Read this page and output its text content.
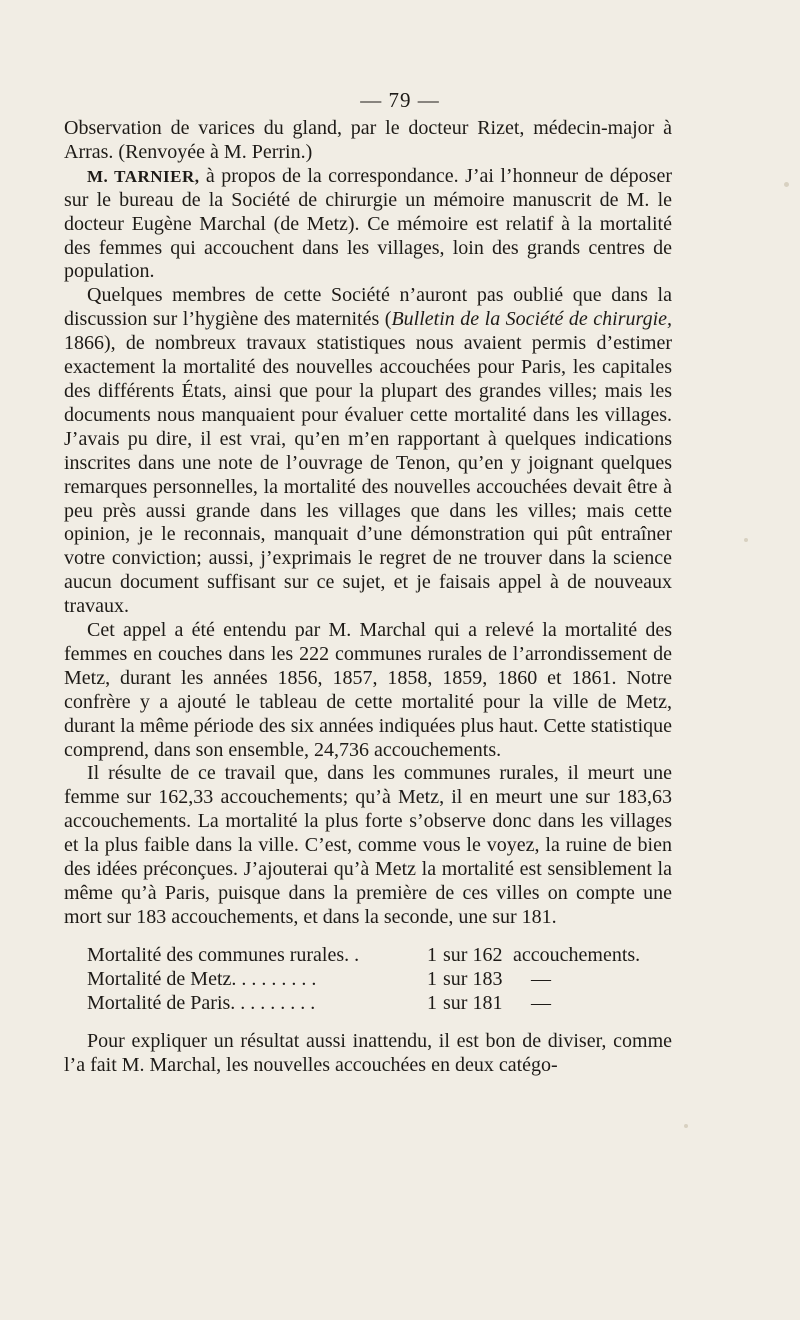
— 79 —

Observation de varices du gland, par le docteur Rizet, médecin-major à Arras. (Renvoyée à M. Perrin.)

M. TARNIER, à propos de la correspondance. J’ai l’honneur de déposer sur le bureau de la Société de chirurgie un mémoire manuscrit de M. le docteur Eugène Marchal (de Metz). Ce mémoire est relatif à la mortalité des femmes qui accouchent dans les villages, loin des grands centres de population.

Quelques membres de cette Société n’auront pas oublié que dans la discussion sur l’hygiène des maternités (Bulletin de la Société de chirurgie, 1866), de nombreux travaux statistiques nous avaient permis d’estimer exactement la mortalité des nouvelles accouchées pour Paris, les capitales des différents États, ainsi que pour la plupart des grandes villes; mais les documents nous manquaient pour évaluer cette mortalité dans les villages. J’avais pu dire, il est vrai, qu’en m’en rapportant à quelques indications inscrites dans une note de l’ouvrage de Tenon, qu’en y joignant quelques remarques personnelles, la mortalité des nouvelles accouchées devait être à peu près aussi grande dans les villages que dans les villes; mais cette opinion, je le reconnais, manquait d’une démonstration qui pût entraîner votre conviction; aussi, j’exprimais le regret de ne trouver dans la science aucun document suffisant sur ce sujet, et je faisais appel à de nouveaux travaux.

Cet appel a été entendu par M. Marchal qui a relevé la mortalité des femmes en couches dans les 222 communes rurales de l’arrondissement de Metz, durant les années 1856, 1857, 1858, 1859, 1860 et 1861. Notre confrère y a ajouté le tableau de cette mortalité pour la ville de Metz, durant la même période des six années indiquées plus haut. Cette statistique comprend, dans son ensemble, 24,736 accouchements.

Il résulte de ce travail que, dans les communes rurales, il meurt une femme sur 162,33 accouchements; qu’à Metz, il en meurt une sur 183,63 accouchements. La mortalité la plus forte s’observe donc dans les villages et la plus faible dans la ville. C’est, comme vous le voyez, la ruine de bien des idées préconçues. J’ajouterai qu’à Metz la mortalité est sensiblement la même qu’à Paris, puisque dans la première de ces villes on compte une mort sur 183 accouchements, et dans la seconde, une sur 181.

Mortalité des communes rurales. .	1 sur 162 accouchements.
Mortalité de Metz. . . . . . . . .	1 sur 183	—
Mortalité de Paris. . . . . . . . .	1 sur 181	—

Pour expliquer un résultat aussi inattendu, il est bon de diviser, comme l’a fait M. Marchal, les nouvelles accouchées en deux catégo-
